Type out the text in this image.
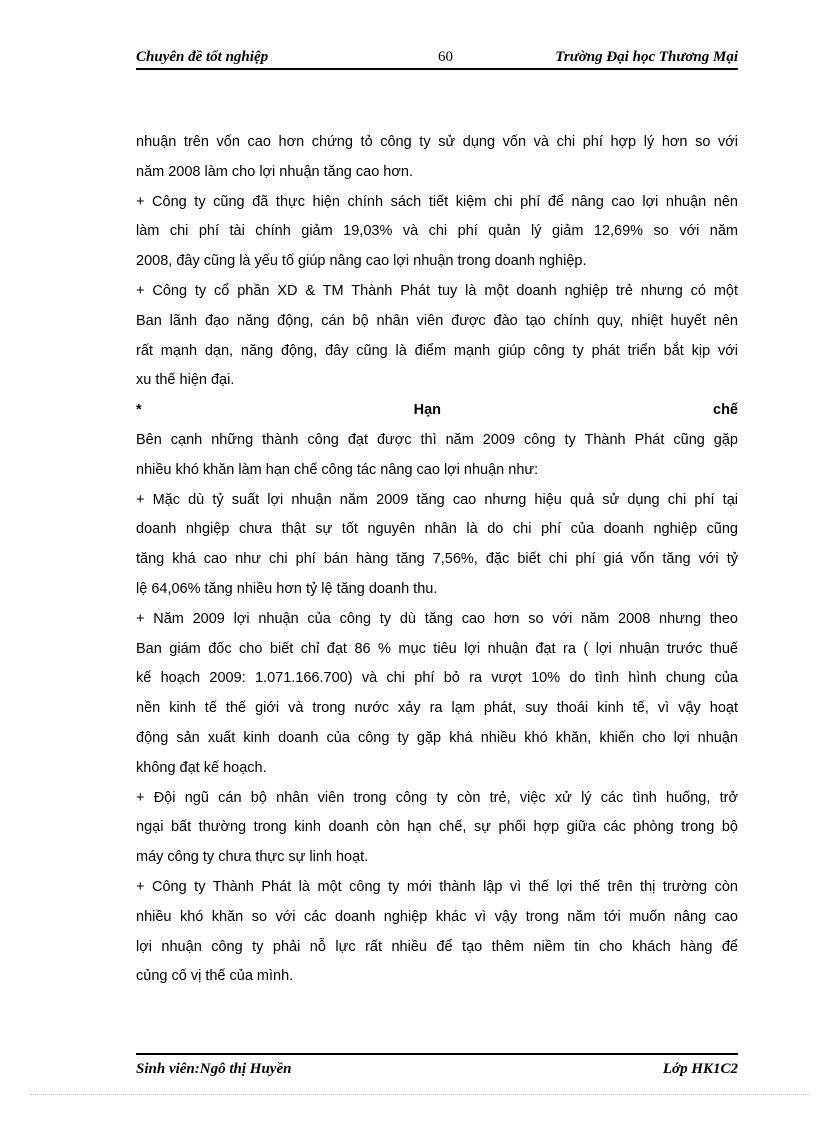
Chuyên đề tốt nghiệp	60	Trường Đại học Thương Mại
nhuận trên vốn cao hơn chứng tỏ công ty sử dụng vốn và chi phí hợp lý hơn so với
năm 2008 làm cho lợi nhuận tăng cao hơn.
+ Công ty cũng đã thực hiện chính sách tiết kiệm chi phí để nâng cao lợi nhuận nên
làm chi phí tài chính giảm 19,03% và chi phí quản lý giảm 12,69% so với năm
2008, đây cũng là yếu tố giúp nâng cao lợi nhuận trong doanh nghiệp.
+ Công ty cổ phần XD & TM Thành Phát tuy là một doanh nghiệp trẻ nhưng có một
Ban lãnh đạo năng động, cán bộ nhân viên được đào tạo chính quy, nhiệt huyết nên
rất mạnh dạn, năng động, đây cũng là điểm mạnh giúp công ty phát triển bắt kịp với
xu thế hiện đại.
*	Hạn	chế
Bên cạnh những thành công đạt được thì năm 2009 công ty Thành Phát cũng gặp
nhiều khó khăn làm hạn chế công tác nâng cao lợi nhuận như:
+ Mặc dù tỷ suất lợi nhuận năm 2009 tăng cao nhưng hiệu quả sử dụng chi phí tại
doanh nhgiệp chưa thật sự tốt nguyên nhân là do chi phí của doanh nghiệp cũng
tăng khá cao như chi phí bán hàng tăng 7,56%, đặc biết chi phí giá vốn tăng với tỷ
lệ 64,06% tăng nhiều hơn tỷ lệ tăng doanh thu.
+ Năm 2009 lợi nhuận của công ty dù tăng cao hơn so với năm 2008 nhưng theo
Ban giám đốc cho biết chỉ đạt 86 % mục tiêu lợi nhuận đạt ra ( lợi nhuận trước thuế
kế hoạch 2009: 1.071.166.700) và chi phí bỏ ra vượt 10% do tình hình chung của
nền kinh tế thế giới và trong nước xảy ra lạm phát, suy thoái kinh tế, vì vậy hoạt
động sản xuất kinh doanh của công ty gặp khá nhiều khó khăn, khiến cho lợi nhuận
không đạt kế hoạch.
+ Đội ngũ cán bộ nhân viên trong công ty còn trẻ, việc xử lý các tình huống, trở
ngại bất thường trong kinh doanh còn hạn chế, sự phối hợp giữa các phòng trong bộ
máy công ty chưa thực sự linh hoạt.
+ Công ty Thành Phát là một công ty mới thành lập vì thế lợi thế trên thị trường còn
nhiều khó khăn so với các doanh nghiệp khác vì vậy trong năm tới muốn nâng cao
lợi nhuận công ty phải nỗ lực rất nhiều để tạo thêm niềm tin cho khách hàng để
củng cố vị thế của mình.
Sinh viên:Ngô thị Huyền	Lớp HK1C2
